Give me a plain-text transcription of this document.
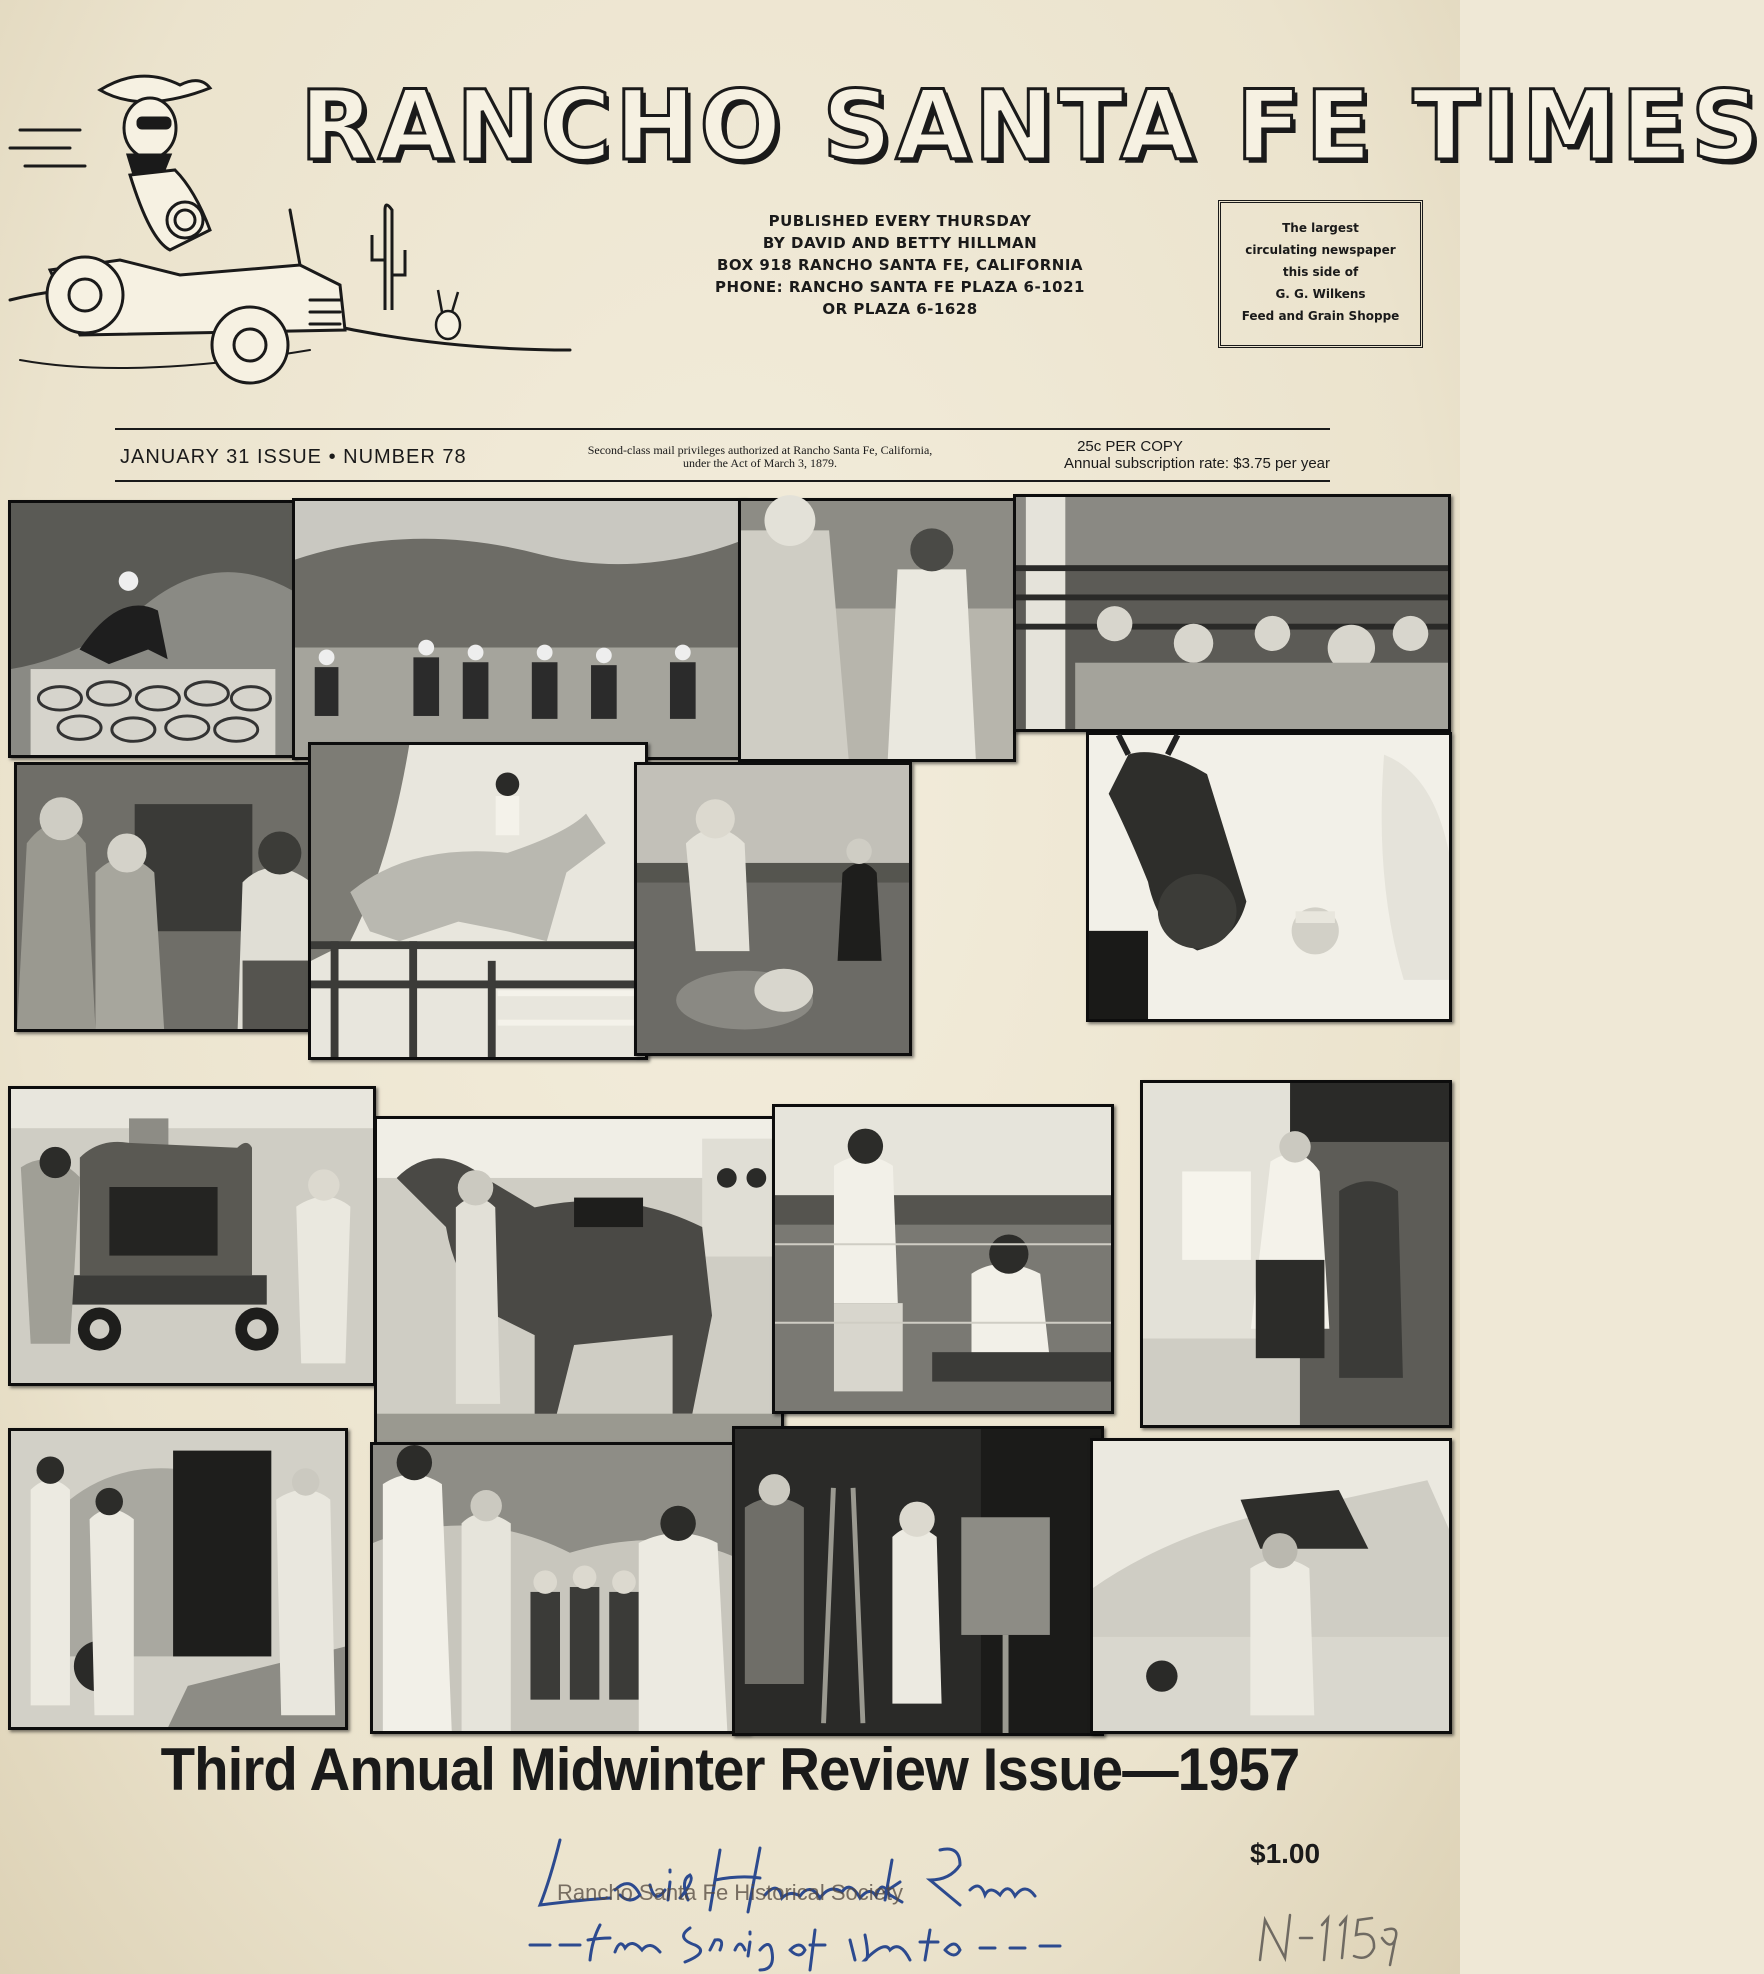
RANCHO SANTA FE TIMES
PUBLISHED EVERY THURSDAY
BY DAVID AND BETTY HILLMAN
BOX 918 RANCHO SANTA FE, CALIFORNIA
PHONE: RANCHO SANTA FE PLAZA 6-1021
OR PLAZA 6-1628
The largest
circulating newspaper
this side of
G. G. Wilkens
Feed and Grain Shoppe
JANUARY 31 ISSUE • NUMBER 78	Second-class mail privileges authorized at Rancho Santa Fe, California,
under the Act of March 3, 1879.
25c PER COPY
Annual subscription rate: $3.75 per year
Third Annual Midwinter Review Issue—1957
$1.00
Rancho Santa Fe Historical Society
